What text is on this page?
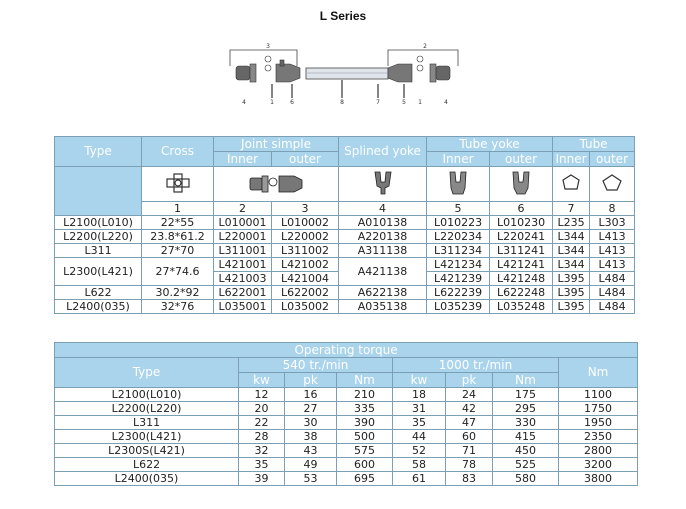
L Series
3	2
4	1	6	8	7	5 1	4
Type	Cross	Joint simple		Splined yoke	Tube yoke		Tube	
		Inner	outer		Inner	outer	Inner	outer

	1	2	3	4	5	6	7	8
L2100(L010)	22*55	L010001	L010002	A010138	L010223	L010230	L235	L303
L2200(L220)	23.8*61.2	L220001	L220002	A220138	L220234	L220241	L344	L413
L311	27*70	L311001	L311002	A311138	L311234	L311241	L344	L413
L2300(L421)	27*74.6	L421001	L421002	A421138	L421234	L421241	L344	L413
		L421003	L421004		L421239	L421248	L395	L484
L622	30.2*92	L622001	L622002	A622138	L622239	L622248	L395	L484
L2400(035)	32*76	L035001	L035002	A035138	L035239	L035248	L395	L484
Operating torque							
Type	540 tr./min			1000 tr./min			Nm
	kw	pk	Nm	kw	pk	Nm	
L2100(L010)	12	16	210	18	24	175	1100
L2200(L220)	20	27	335	31	42	295	1750
L311	22	30	390	35	47	330	1950
L2300(L421)	28	38	500	44	60	415	2350
L2300S(L421)	32	43	575	52	71	450	2800
L622	35	49	600	58	78	525	3200
L2400(035)	39	53	695	61	83	580	3800
